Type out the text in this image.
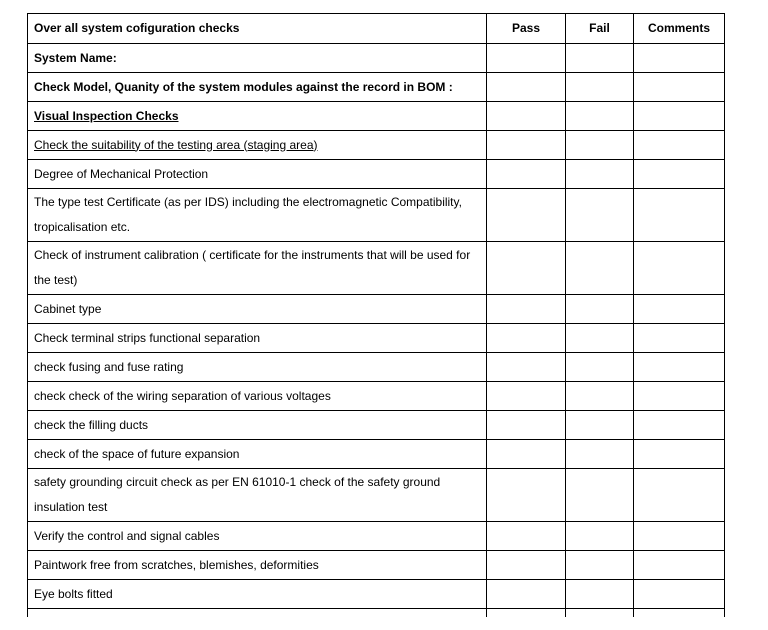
Over all system cofiguration checks	Pass	Fail	Comments
System Name:			
Check Model, Quanity of the system modules against the record in BOM :			
Visual Inspection Checks			
Check the suitability of the testing area (staging area)			
Degree of Mechanical Protection			
The type test Certificate (as per IDS) including the electromagnetic Compatibility, tropicalisation etc.			
Check of instrument calibration ( certificate for the instruments that will be used for the test)			
Cabinet type			
Check terminal strips functional separation			
check fusing and fuse rating			
check check of the wiring separation of various voltages			
check the filling ducts			
check of the space of future expansion			
safety grounding circuit check as per EN 61010-1 check of the safety ground insulation test			
Verify the control and signal cables			
Paintwork free from scratches, blemishes, deformities			
Eye bolts fitted			
